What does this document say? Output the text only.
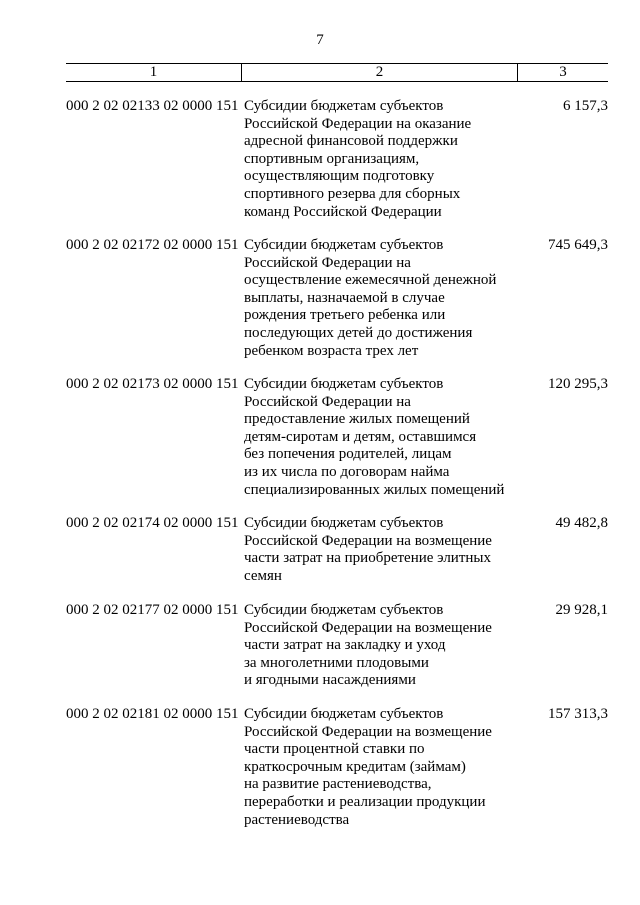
7
1	2	3
000 2 02 02133 02 0000 151 Субсидии бюджетам субъектов
Российской Федерации на оказание
адресной финансовой поддержки
спортивным организациям,
осуществляющим подготовку
спортивного резерва для сборных
команд Российской Федерации
6 157,3
000 2 02 02172 02 0000 151 Субсидии бюджетам субъектов
Российской Федерации на
осуществление ежемесячной денежной
выплаты, назначаемой в случае
рождения третьего ребенка или
последующих детей до достижения
ребенком возраста трех лет
745 649,3
000 2 02 02173 02 0000 151 Субсидии бюджетам субъектов
Российской Федерации на
предоставление жилых помещений
детям-сиротам и детям, оставшимся
без попечения родителей, лицам
из их числа по договорам найма
специализированных жилых помещений
120 295,3
000 2 02 02174 02 0000 151 Субсидии бюджетам субъектов
Российской Федерации на возмещение
части затрат на приобретение элитных
семян
49 482,8
000 2 02 02177 02 0000 151 Субсидии бюджетам субъектов
Российской Федерации на возмещение
части затрат на закладку и уход
за многолетними плодовыми
и ягодными насаждениями
29 928,1
000 2 02 02181 02 0000 151 Субсидии бюджетам субъектов
Российской Федерации на возмещение
части процентной ставки по
краткосрочным кредитам (займам)
на развитие растениеводства,
переработки и реализации продукции
растениеводства
157 313,3
